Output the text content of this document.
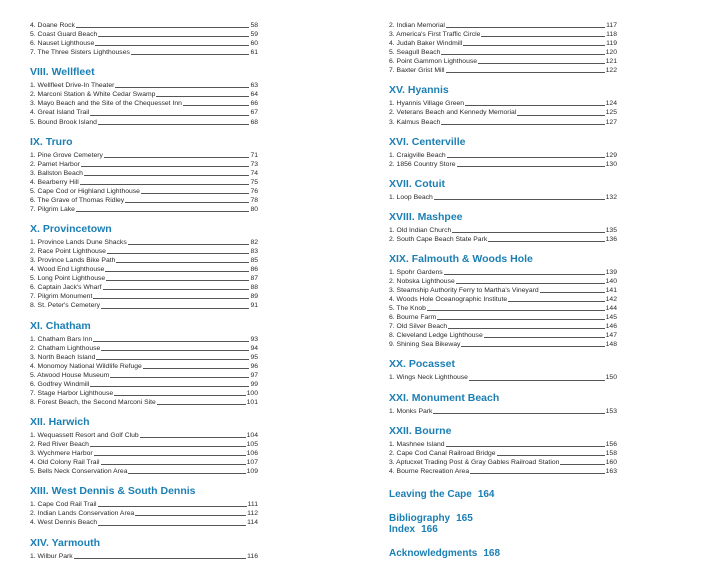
4. Doane Rock	58
5. Coast Guard Beach	59
6. Nauset Lighthouse	60
7. The Three Sisters Lighthouses	61
VIII. Wellfleet
1. Wellfleet Drive-In Theater	63
2. Marconi Station & White Cedar Swamp	64
3. Mayo Beach and the Site of the Chequesset Inn	66
4. Great Island Trail	67
5. Bound Brook Island	68
IX. Truro
1. Pine Grove Cemetery	71
2. Pamet Harbor	73
3. Ballston Beach	74
4. Bearberry Hill	75
5. Cape Cod or Highland Lighthouse	76
6. The Grave of Thomas Ridley	78
7. Pilgrim Lake	80
X. Provincetown
1. Province Lands Dune Shacks	82
2. Race Point Lighthouse	83
3. Province Lands Bike Path	85
4. Wood End Lighthouse	86
5. Long Point Lighthouse	87
6. Captain Jack's Wharf	88
7. Pilgrim Monument	89
8. St. Peter's Cemetery	91
XI. Chatham
1. Chatham Bars Inn	93
2. Chatham Lighthouse	94
3. North Beach Island	95
4. Monomoy National Wildlife Refuge	96
5. Atwood House Museum	97
6. Godfrey Windmill	99
7. Stage Harbor Lighthouse	100
8. Forest Beach, the Second Marconi Site	101
XII. Harwich
1. Wequassett Resort and Golf Club	104
2. Red River Beach	105
3. Wychmere Harbor	106
4. Old Colony Rail Trail	107
5. Bells Neck Conservation Area	109
XIII. West Dennis & South Dennis
1. Cape Cod Rail Trail	111
2. Indian Lands Conservation Area	112
4. West Dennis Beach	114
XIV. Yarmouth
1. Wilbur Park	116
2. Indian Memorial	117
3. America's First Traffic Circle	118
4. Judah Baker Windmill	119
5. Seagull Beach	120
6. Point Gammon Lighthouse	121
7. Baxter Grist Mill	122
XV. Hyannis
1. Hyannis Village Green	124
2. Veterans Beach and Kennedy Memorial	125
3. Kalmus Beach	127
XVI. Centerville
1. Craigville Beach	129
2. 1856 Country Store	130
XVII. Cotuit
1. Loop Beach	132
XVIII. Mashpee
1. Old Indian Church	135
2. South Cape Beach State Park	136
XIX. Falmouth & Woods Hole
1. Spohr Gardens	139
2. Nobska Lighthouse	140
3. Steamship Authority Ferry to Martha's Vineyard	141
4. Woods Hole Oceanographic Institute	142
5. The Knob	144
6. Bourne Farm	145
7. Old Silver Beach	146
8. Cleveland Ledge Lighthouse	147
9. Shining Sea Bikeway	148
XX. Pocasset
1. Wings Neck Lighthouse	150
XXI. Monument Beach
1. Monks Park	153
XXII. Bourne
1. Mashnee Island	156
2. Cape Cod Canal Railroad Bridge	158
3. Aptucxet Trading Post & Gray Gables Railroad Station	160
4. Bourne Recreation Area	163
Leaving the Cape 164
Bibliography 165
Index 166
Acknowledgments 168
